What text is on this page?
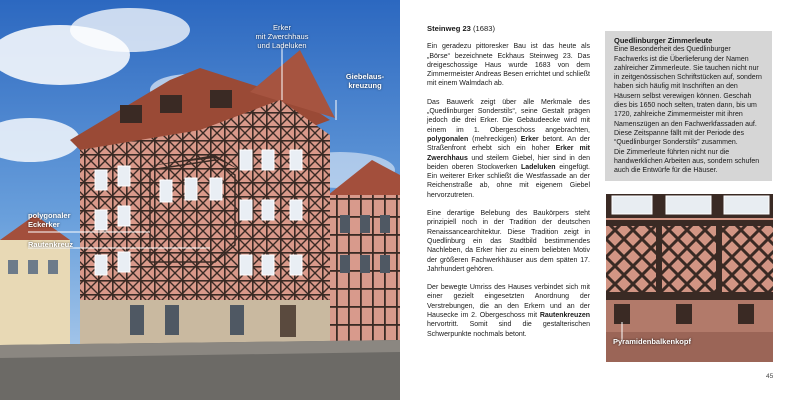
Erker
mit Zwerchhaus
und Ladeluken
Giebelaus-
kreuzung
polygonaler
Eckerker
Rautenkreuz
Steinweg 23 (1683)

Ein geradezu pittoresker Bau ist das heute als „Börse“ bezeichnete Eckhaus Steinweg 23. Das dreigeschossige Haus wurde 1683 von dem Zimmermeister Andreas Besen errichtet und schließt mit einem Walmdach ab.

Das Bauwerk zeigt über alle Merkmale des „Quedlinburger Sonderstils“, seine Gestalt prägen jedoch die drei Erker. Die Gebäudeecke wird mit einem im 1. Obergeschoss angebrachten, polygonalen (mehreckigen) Erker betont. An der Straßenfront erhebt sich ein hoher Erker mit Zwerchhaus und steilem Giebel, hier sind in den beiden oberen Stockwerken Ladeluken eingefügt. Ein weiterer Erker schließt die Westfassade an der Reichenstraße ab, ohne mit eigenem Giebel hervorzutreten.

Eine derartige Belebung des Baukörpers steht prinzipiell noch in der Tradition der deutschen Renaissancearchitektur. Diese Tradition zeigt in Quedlinburg ein das Stadtbild bestimmendes Nachleben, da Erker hier zu einem beliebten Motiv der größeren Fachwerkhäuser aus dem späten 17. Jahrhundert gehören.

Der bewegte Umriss des Hauses verbindet sich mit einer gezielt eingesetzten Anordnung der Verstrebungen, die an den Erkern und an der Hausecke im 2. Obergeschoss mit Rautenkreuzen hervortritt. Somit sind die gestalterischen Schwerpunkte nochmals betont.

Quedlinburger Zimmerleute

Eine Besonderheit des Quedlinburger Fachwerks ist die Überlieferung der Namen zahlreicher Zimmerleute. Sie tauchen nicht nur in zeitgenössischen Schriftstücken auf, sondern haben sich häufig mit Inschriften an den Häusern selbst verewigen können. Geschah dies bis 1650 noch selten, traten dann, bis um 1720, zahlreiche Zimmermeister mit ihren Namenszügen an den Fachwerkfassaden auf. Diese Zeitspanne fällt mit der Periode des “Quedlinburger Sonderstils” zusammen.

Die Zimmerleute führten nicht nur die handwerklichen Arbeiten aus, sondern schufen auch die Entwürfe für die Häuser.

Pyramidenbalkenkopf
45
